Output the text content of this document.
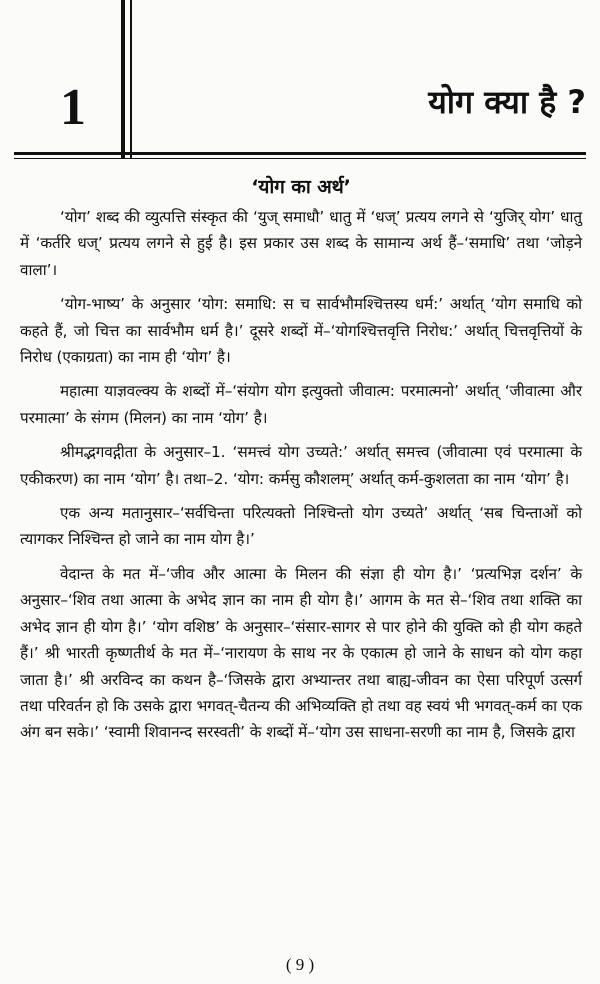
1	योग क्या है ?
‘योग का अर्थ’

‘योग’ शब्द की व्युत्पत्ति संस्कृत की ‘युज् समाधौ’ धातु में ‘धज्’ प्रत्यय लगने से ‘युजिर् योग’ धातु में ‘कर्तरि धज्’ प्रत्यय लगने से हुई है। इस प्रकार उस शब्द के सामान्य अर्थ हैं–‘समाधि’ तथा ‘जोड़ने वाला’।

‘योग-भाष्य’ के अनुसार ‘योग: समाधि: स च सार्वभौमश्चित्तस्य धर्म:’ अर्थात् ‘योग समाधि को कहते हैं, जो चित्त का सार्वभौम धर्म है।’ दूसरे शब्दों में–‘योगश्चित्तवृत्ति निरोध:’ अर्थात् चित्तवृत्तियों के निरोध (एकाग्रता) का नाम ही ‘योग’ है।

महात्मा याज्ञवल्क्य के शब्दों में–‘संयोग योग इत्युक्तो जीवात्म: परमात्मनो’ अर्थात् ‘जीवात्मा और परमात्मा’ के संगम (मिलन) का नाम ‘योग’ है।

श्रीमद्भगवद्गीता के अनुसार–1. ‘समत्त्वं योग उच्यते:’ अर्थात् समत्त्व (जीवात्मा एवं परमात्मा के एकीकरण) का नाम ‘योग’ है। तथा–2. ‘योग: कर्मसु कौशलम्’ अर्थात् कर्म-कुशलता का नाम ‘योग’ है।

एक अन्य मतानुसार–‘सर्वचिन्ता परित्यक्तो निश्चिन्तो योग उच्यते’ अर्थात् ‘सब चिन्ताओं को त्यागकर निश्चिन्त हो जाने का नाम योग है।’

वेदान्त के मत में–‘जीव और आत्मा के मिलन की संज्ञा ही योग है।’ ‘प्रत्यभिज्ञ दर्शन’ के अनुसार–‘शिव तथा आत्मा के अभेद ज्ञान का नाम ही योग है।’ आगम के मत से–‘शिव तथा शक्ति का अभेद ज्ञान ही योग है।’ ‘योग वशिष्ठ’ के अनुसार–‘संसार-सागर से पार होने की युक्ति को ही योग कहते हैं।’ श्री भारती कृष्णतीर्थ के मत में–‘नारायण के साथ नर के एकात्म हो जाने के साधन को योग कहा जाता है।’ श्री अरविन्द का कथन है–‘जिसके द्वारा अभ्यान्तर तथा बाह्य-जीवन का ऐसा परिपूर्ण उत्सर्ग तथा परिवर्तन हो कि उसके द्वारा भगवत्-चैतन्य की अभिव्यक्ति हो तथा वह स्वयं भी भगवत्-कर्म का एक अंग बन सके।’ ‘स्वामी शिवानन्द सरस्वती’ के शब्दों में–‘योग उस साधना-सरणी का नाम है, जिसके द्वारा

( 9 )
